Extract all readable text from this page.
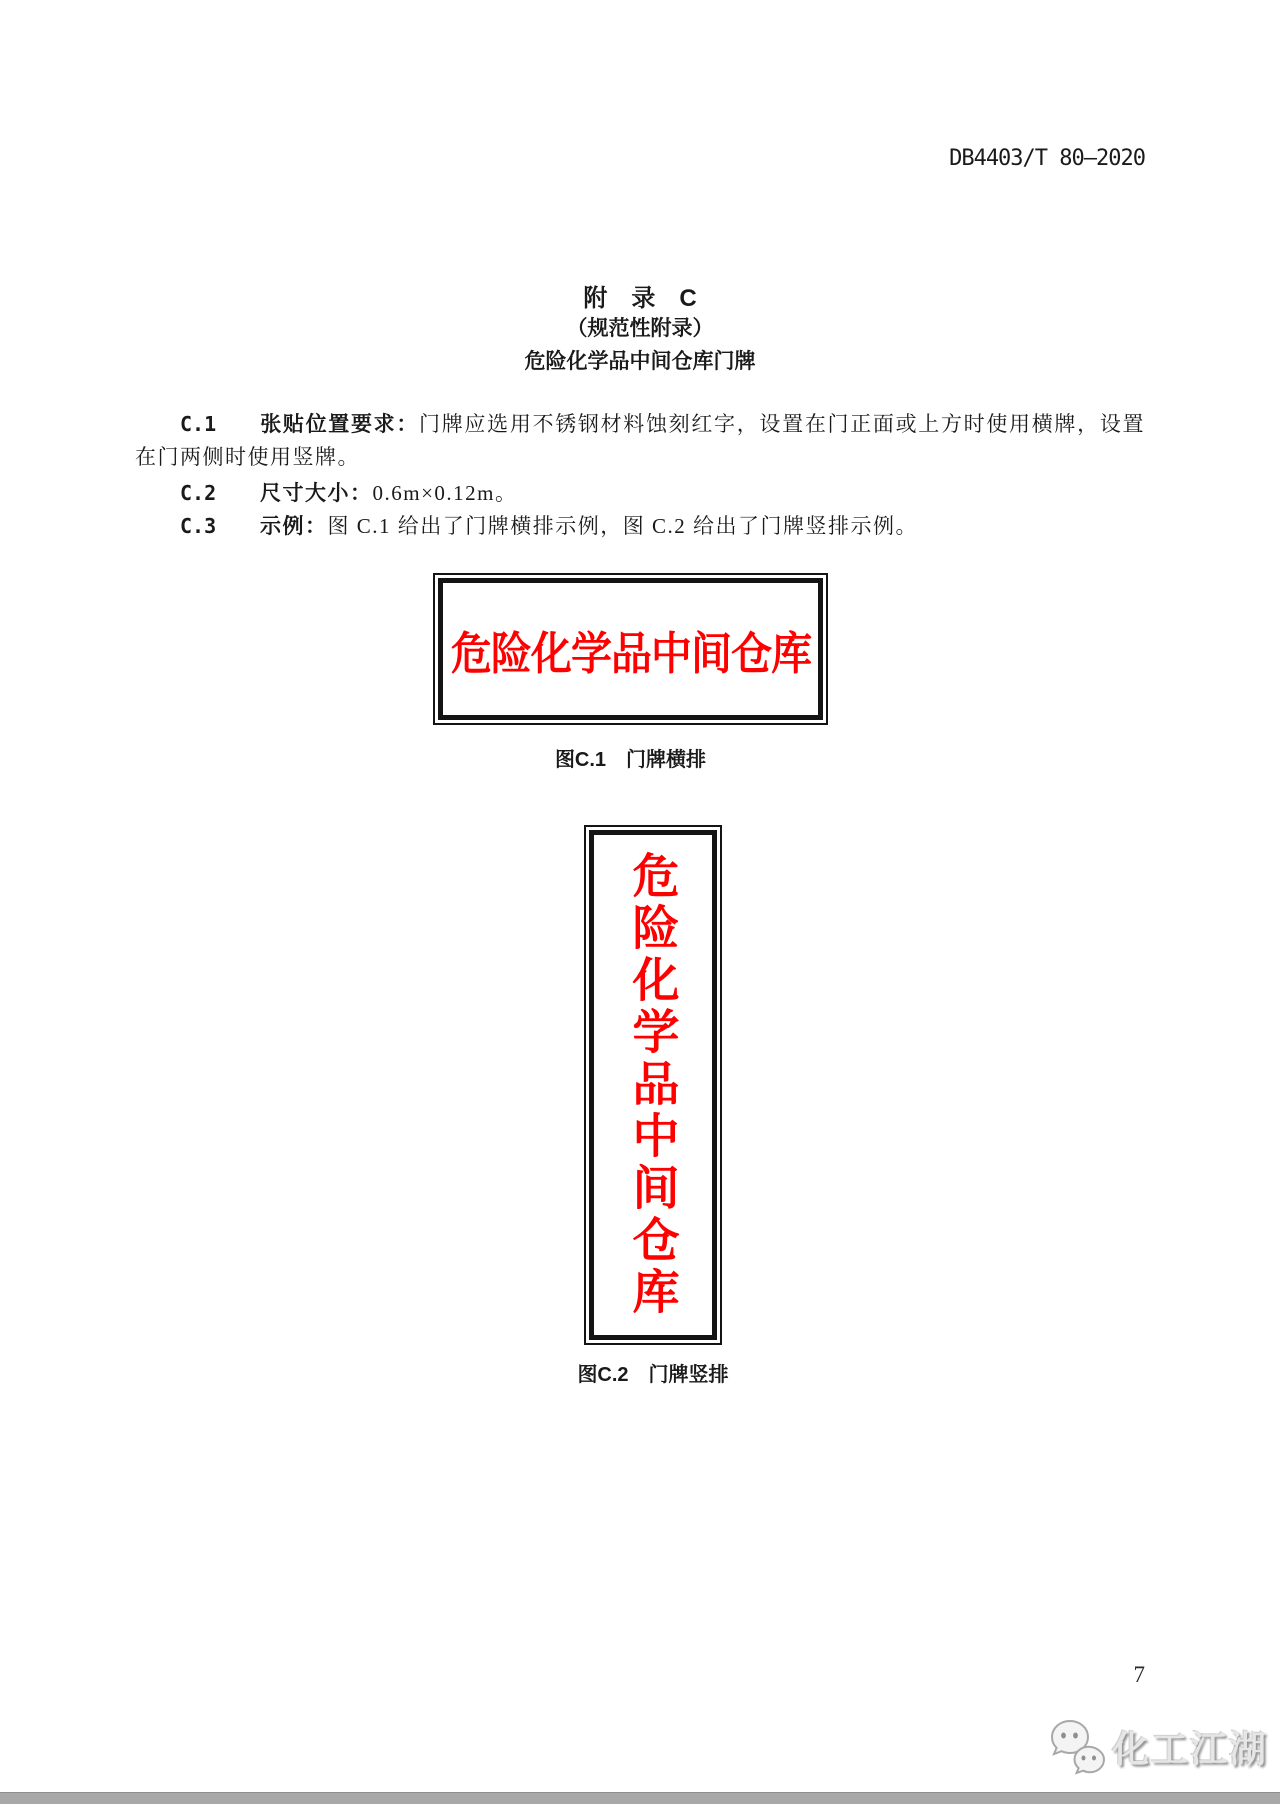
DB4403/T 80—2020
附　录　C
（规范性附录）
危险化学品中间仓库门牌
C.1 张贴位置要求：门牌应选用不锈钢材料蚀刻红字，设置在门正面或上方时使用横牌，设置在门两侧时使用竖牌。
C.2 尺寸大小：0.6m×0.12m。
C.3 示例：图 C.1 给出了门牌横排示例，图 C.2 给出了门牌竖排示例。
危险化学品中间仓库
图C.1　门牌横排
危险化学品中间仓库
图C.2　门牌竖排
7
化工江湖
